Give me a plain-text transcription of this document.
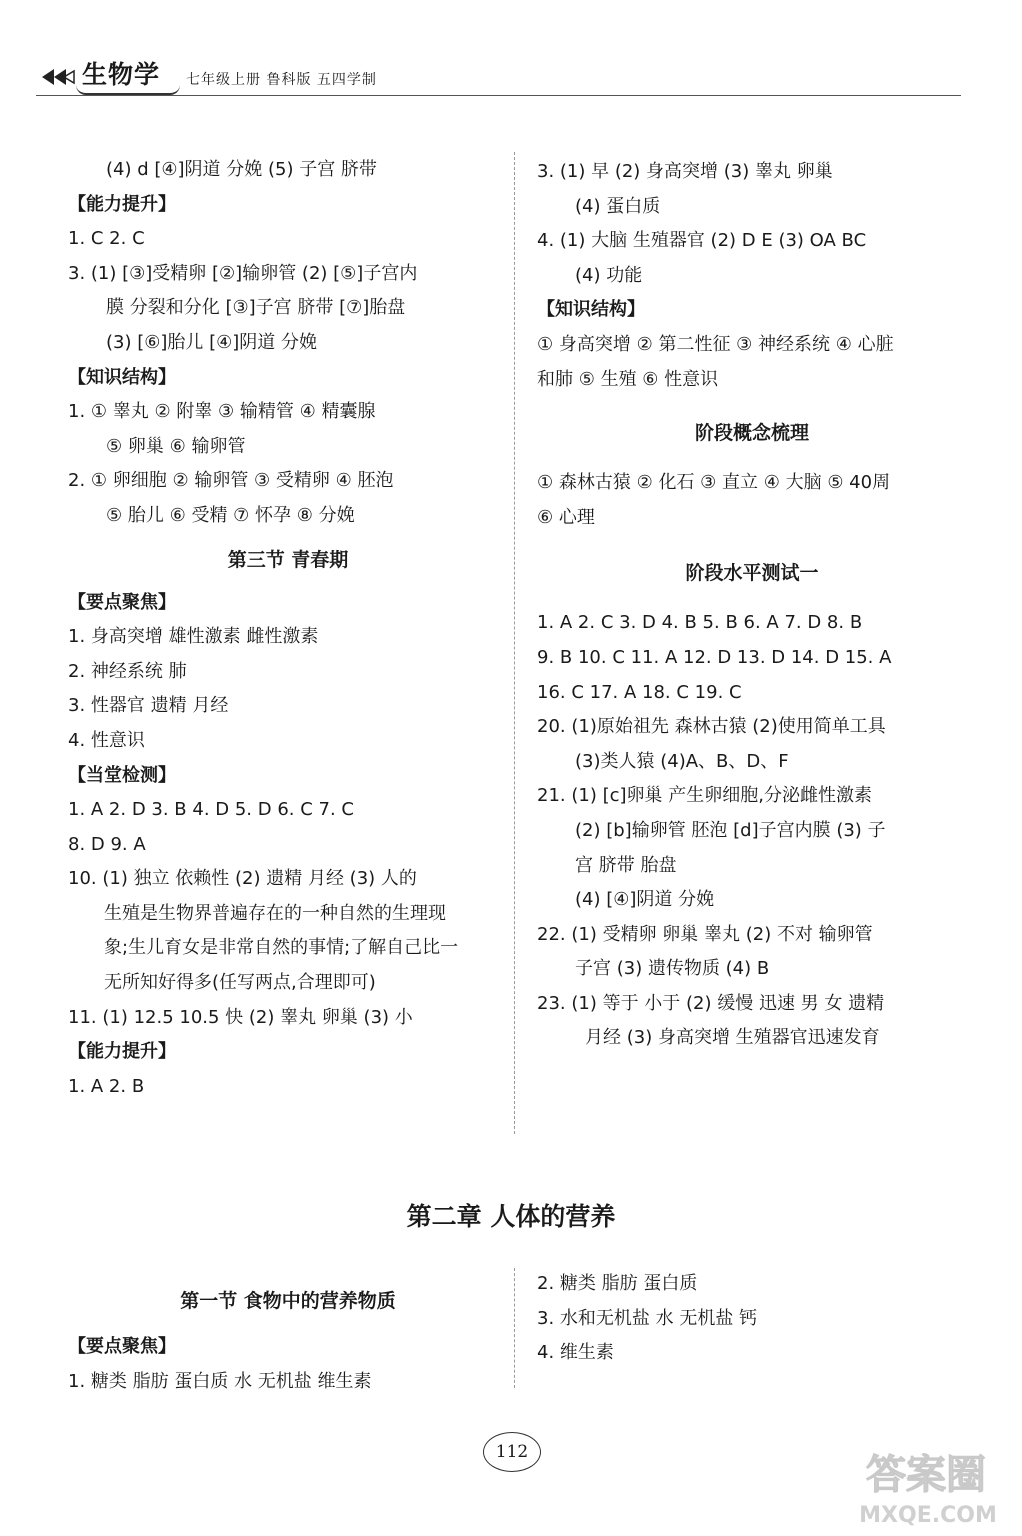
生物学	七年级上册 鲁科版 五四学制
(4) d [④]阴道 分娩 (5) 子宫 脐带
【能力提升】
1. C 2. C
3. (1) [③]受精卵 [②]输卵管 (2) [⑤]子宫内
膜 分裂和分化 [③]子宫 脐带 [⑦]胎盘
(3) [⑥]胎儿 [④]阴道 分娩
【知识结构】
1. ① 睾丸 ② 附睾 ③ 输精管 ④ 精囊腺
⑤ 卵巢 ⑥ 输卵管
2. ① 卵细胞 ② 输卵管 ③ 受精卵 ④ 胚泡
⑤ 胎儿 ⑥ 受精 ⑦ 怀孕 ⑧ 分娩
第三节 青春期
【要点聚焦】
1. 身高突增 雄性激素 雌性激素
2. 神经系统 肺
3. 性器官 遗精 月经
4. 性意识
【当堂检测】
1. A 2. D 3. B 4. D 5. D 6. C 7. C
8. D 9. A
10. (1) 独立 依赖性 (2) 遗精 月经 (3) 人的
生殖是生物界普遍存在的一种自然的生理现
象;生儿育女是非常自然的事情;了解自己比一
无所知好得多(任写两点,合理即可)
11. (1) 12.5 10.5 快 (2) 睾丸 卵巢 (3) 小
【能力提升】
1. A 2. B
3. (1) 早 (2) 身高突增 (3) 睾丸 卵巢
(4) 蛋白质
4. (1) 大脑 生殖器官 (2) D E (3) OA BC
(4) 功能
【知识结构】
① 身高突增 ② 第二性征 ③ 神经系统 ④ 心脏
和肺 ⑤ 生殖 ⑥ 性意识
阶段概念梳理
① 森林古猿 ② 化石 ③ 直立 ④ 大脑 ⑤ 40周
⑥ 心理
阶段水平测试一
1. A 2. C 3. D 4. B 5. B 6. A 7. D 8. B
9. B 10. C 11. A 12. D 13. D 14. D 15. A
16. C 17. A 18. C 19. C
20. (1)原始祖先 森林古猿 (2)使用简单工具
(3)类人猿 (4)A、B、D、F
21. (1) [c]卵巢 产生卵细胞,分泌雌性激素
(2) [b]输卵管 胚泡 [d]子宫内膜 (3) 子
宫 脐带 胎盘
(4) [④]阴道 分娩
22. (1) 受精卵 卵巢 睾丸 (2) 不对 输卵管
子宫 (3) 遗传物质 (4) B
23. (1) 等于 小于 (2) 缓慢 迅速 男 女 遗精
月经 (3) 身高突增 生殖器官迅速发育
第二章 人体的营养
第一节 食物中的营养物质
【要点聚焦】
1. 糖类 脂肪 蛋白质 水 无机盐 维生素
2. 糖类 脂肪 蛋白质
3. 水和无机盐 水 无机盐 钙
4. 维生素
112	答案圈
MXQE.COM
